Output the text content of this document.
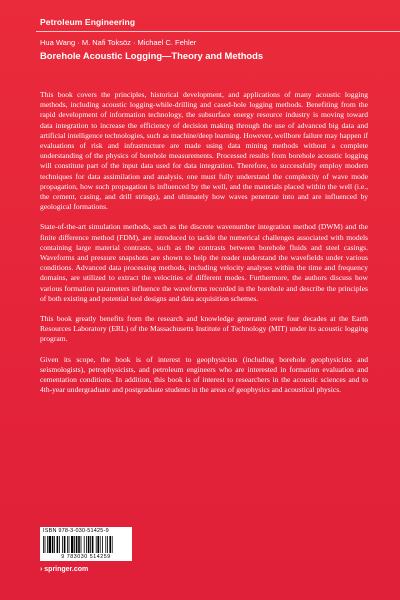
Petroleum Engineering
Hua Wang · M. Nafi Toksöz · Michael C. Fehler
Borehole Acoustic Logging—Theory and Methods

This book covers the principles, historical development, and applications of many acoustic logging methods, including acoustic logging-while-drilling and cased-hole logging methods. Benefiting from the rapid development of information technology, the subsurface energy resource industry is moving toward data integration to increase the efficiency of decision making through the use of advanced big data and artificial intelligence technologies, such as machine/deep learning. However, wellbore failure may happen if evaluations of risk and infrastructure are made using data mining methods without a complete understanding of the physics of borehole measurements. Processed results from borehole acoustic logging will constitute part of the input data used for data integration. Therefore, to successfully employ modern techniques for data assimilation and analysis, one must fully understand the complexity of wave mode propagation, how such propagation is influenced by the well, and the materials placed within the well (i.e., the cement, casing, and drill strings), and ultimately how waves penetrate into and are influenced by geological formations.

State-of-the-art simulation methods, such as the discrete wavenumber integration method (DWM) and the finite difference method (FDM), are introduced to tackle the numerical challenges associated with models containing large material contrasts, such as the contrasts between borehole fluids and steel casings. Waveforms and pressure snapshots are shown to help the reader understand the wavefields under various conditions. Advanced data processing methods, including velocity analyses within the time and frequency domains, are utilized to extract the velocities of different modes. Furthermore, the authors discuss how various formation parameters influence the waveforms recorded in the borehole and describe the principles of both existing and potential tool designs and data acquisition schemes.

This book greatly benefits from the research and knowledge generated over four decades at the Earth Resources Laboratory (ERL) of the Massachusetts Institute of Technology (MIT) under its acoustic logging program.

Given its scope, the book is of interest to geophysicists (including borehole geophysicists and seismologists), petrophysicists, and petroleum engineers who are interested in formation evaluation and cementation conditions. In addition, this book is of interest to researchers in the acoustic sciences and to 4th-year undergraduate and postgraduate students in the areas of geophysics and acoustical physics.

ISBN 978-3-030-51425-9
9 783030 514259
› springer.com
